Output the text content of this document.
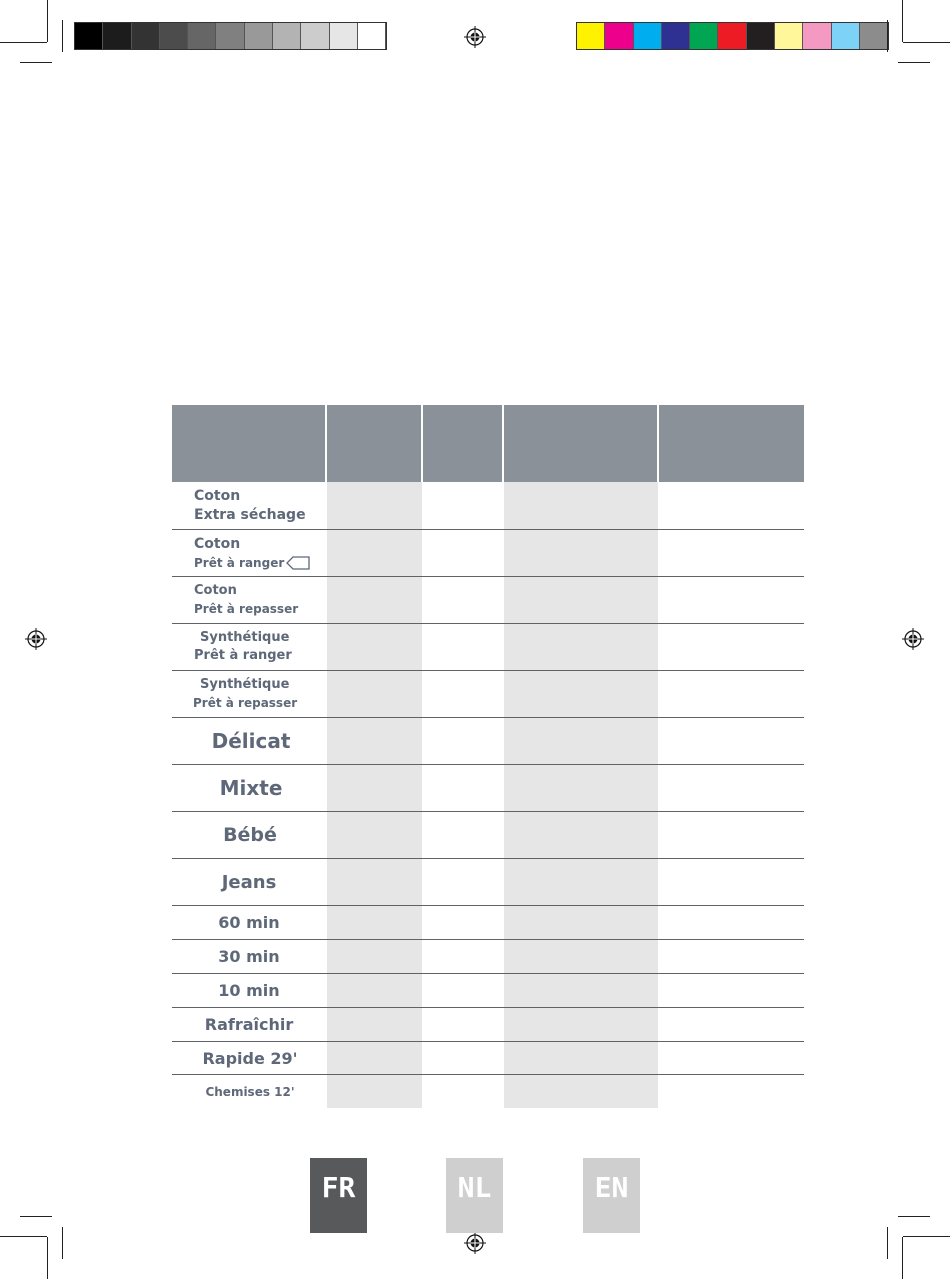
Coton
Extra séchage
Coton
Prêt à ranger
Coton
Prêt à repasser
Synthétique
Prêt à ranger
Synthétique
Prêt à repasser
Délicat
Mixte
Bébé
Jeans
60 min
30 min
10 min
Rafraîchir
Rapide 29'
Chemises 12'
FR	NL	EN
